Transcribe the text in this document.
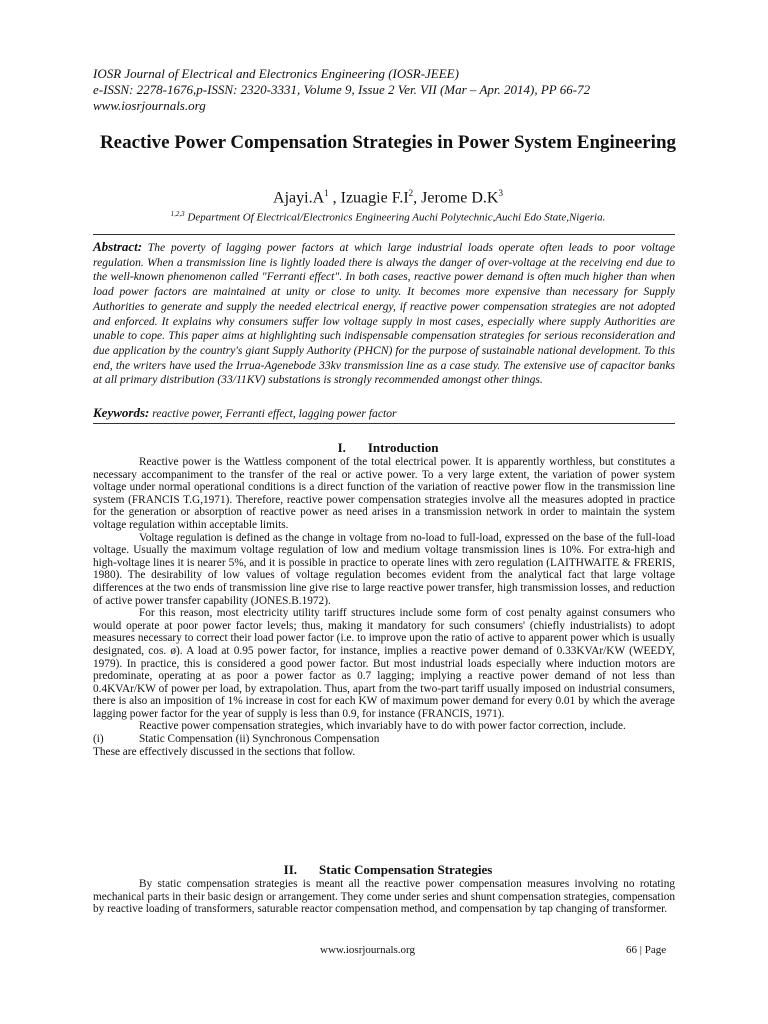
IOSR Journal of Electrical and Electronics Engineering (IOSR-JEEE)
e-ISSN: 2278-1676,p-ISSN: 2320-3331, Volume 9, Issue 2 Ver. VII (Mar – Apr. 2014), PP 66-72
www.iosrjournals.org
Reactive Power Compensation Strategies in Power System Engineering
$Ajayi.A^1$ , Izuagie $F.I^2$, Jerome $D.K^3$
$^{1,2,3}$ Department Of Electrical/Electronics Engineering Auchi Polytechnic,Auchi Edo State,Nigeria.
Abstract: The poverty of lagging power factors at which large industrial loads operate often leads to poor voltage regulation. When a transmission line is lightly loaded there is always the danger of over-voltage at the receiving end due to the well-known phenomenon called "Ferranti effect". In both cases, reactive power demand is often much higher than when load power factors are maintained at unity or close to unity. It becomes more expensive than necessary for Supply Authorities to generate and supply the needed electrical energy, if reactive power compensation strategies are not adopted and enforced. It explains why consumers suffer low voltage supply in most cases, especially where supply Authorities are unable to cope. This paper aims at highlighting such indispensable compensation strategies for serious reconsideration and due application by the country's giant Supply Authority (PHCN) for the purpose of sustainable national development. To this end, the writers have used the Irrua-Agenebode 33kv transmission line as a case study. The extensive use of capacitor banks at all primary distribution (33/11KV) substations is strongly recommended amongst other things.
Keywords: reactive power, Ferranti effect, lagging power factor
I. Introduction

Reactive power is the Wattless component of the total electrical power. It is apparently worthless, but constitutes a necessary accompaniment to the transfer of the real or active power. To a very large extent, the variation of power system voltage under normal operational conditions is a direct function of the variation of reactive power flow in the transmission line system (FRANCIS T.G,1971). Therefore, reactive power compensation strategies involve all the measures adopted in practice for the generation or absorption of reactive power as need arises in a transmission network in order to maintain the system voltage regulation within acceptable limits.

Voltage regulation is defined as the change in voltage from no-load to full-load, expressed on the base of the full-load voltage. Usually the maximum voltage regulation of low and medium voltage transmission lines is 10%. For extra-high and high-voltage lines it is nearer 5%, and it is possible in practice to operate lines with zero regulation (LAITHWAITE & FRERIS, 1980). The desirability of low values of voltage regulation becomes evident from the analytical fact that large voltage differences at the two ends of transmission line give rise to large reactive power transfer, high transmission losses, and reduction of active power transfer capability (JONES.B.1972).

For this reason, most electricity utility tariff structures include some form of cost penalty against consumers who would operate at poor power factor levels; thus, making it mandatory for such consumers' (chiefly industrialists) to adopt measures necessary to correct their load power factor (i.e. to improve upon the ratio of active to apparent power which is usually designated, cos. ø). A load at 0.95 power factor, for instance, implies a reactive power demand of 0.33KVAr/KW (WEEDY, 1979). In practice, this is considered a good power factor. But most industrial loads especially where induction motors are predominate, operating at as poor a power factor as 0.7 lagging; implying a reactive power demand of not less than 0.4KVAr/KW of power per load, by extrapolation. Thus, apart from the two-part tariff usually imposed on industrial consumers, there is also an imposition of 1% increase in cost for each KW of maximum power demand for every 0.01 by which the average lagging power factor for the year of supply is less than 0.9, for instance (FRANCIS, 1971).

Reactive power compensation strategies, which invariably have to do with power factor correction, include.

(i)	Static Compensation (ii) Synchronous Compensation

These are effectively discussed in the sections that follow.

II. Static Compensation Strategies

By static compensation strategies is meant all the reactive power compensation measures involving no rotating mechanical parts in their basic design or arrangement. They come under series and shunt compensation strategies, compensation by reactive loading of transformers, saturable reactor compensation method, and compensation by tap changing of transformer.

www.iosrjournals.org	66 | Page
